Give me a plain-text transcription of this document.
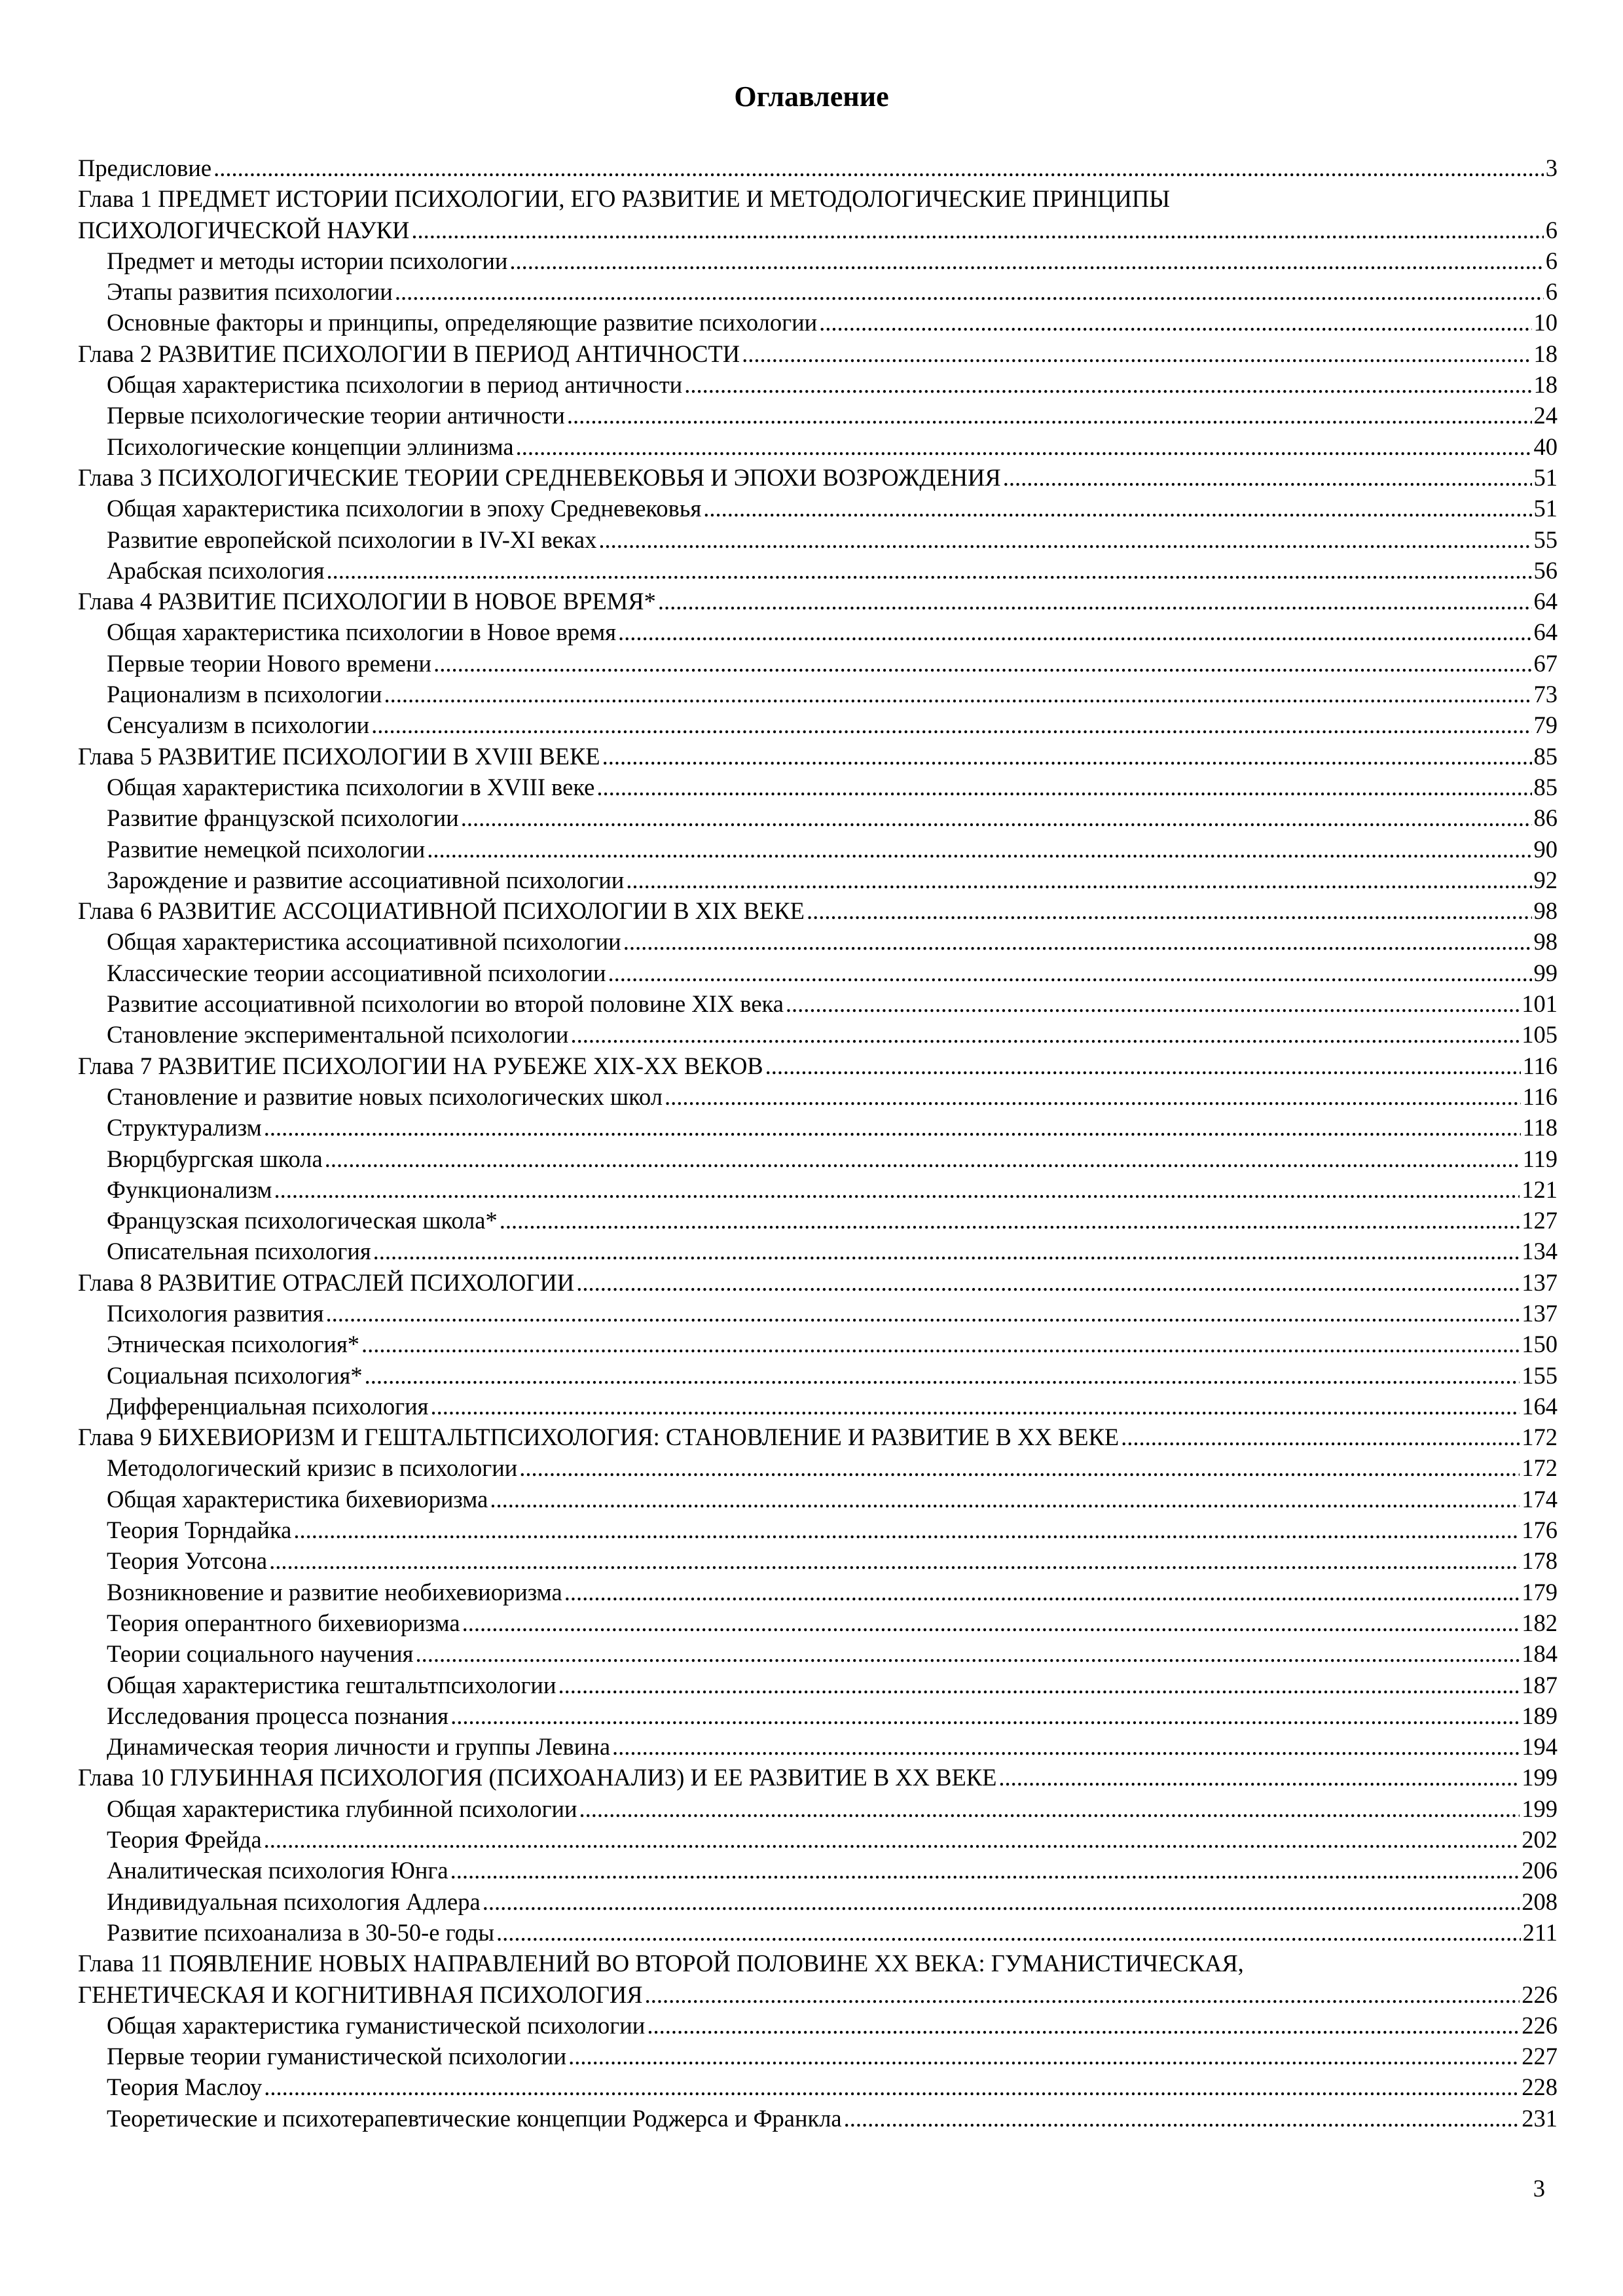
Оглавление
Предисловие .....	3
Глава 1 ПРЕДМЕТ ИСТОРИИ ПСИХОЛОГИИ, ЕГО РАЗВИТИЕ И МЕТОДОЛОГИЧЕСКИЕ ПРИНЦИПЫ
ПСИХОЛОГИЧЕСКОЙ НАУКИ .....	6
Предмет и методы истории психологии .....	6
Этапы развития психологии .....	6
Основные факторы и принципы, определяющие развитие психологии .....	10
Глава 2 РАЗВИТИЕ ПСИХОЛОГИИ В ПЕРИОД АНТИЧНОСТИ .....	18
Общая характеристика психологии в период античности .....	18
Первые психологические теории античности .....	24
Психологические концепции эллинизма .....	40
Глава 3 ПСИХОЛОГИЧЕСКИЕ ТЕОРИИ СРЕДНЕВЕКОВЬЯ И ЭПОХИ ВОЗРОЖДЕНИЯ .....	51
Общая характеристика психологии в эпоху Средневековья .....	51
Развитие европейской психологии в IV-XI веках .....	55
Арабская психология .....	56
Глава 4 РАЗВИТИЕ ПСИХОЛОГИИ В НОВОЕ ВРЕМЯ* .....	64
Общая характеристика психологии в Новое время .....	64
Первые теории Нового времени .....	67
Рационализм в психологии .....	73
Сенсуализм в психологии .....	79
Глава 5 РАЗВИТИЕ ПСИХОЛОГИИ В XVIII ВЕКЕ .....	85
Общая характеристика психологии в XVIII веке .....	85
Развитие французской психологии .....	86
Развитие немецкой психологии .....	90
Зарождение и развитие ассоциативной психологии .....	92
Глава 6 РАЗВИТИЕ АССОЦИАТИВНОЙ ПСИХОЛОГИИ В XIX ВЕКЕ .....	98
Общая характеристика ассоциативной психологии .....	98
Классические теории ассоциативной психологии .....	99
Развитие ассоциативной психологии во второй половине XIX века .....	101
Становление экспериментальной психологии .....	105
Глава 7 РАЗВИТИЕ ПСИХОЛОГИИ НА РУБЕЖЕ XIX-XX ВЕКОВ .....	116
Становление и развитие новых психологических школ .....	116
Структурализм .....	118
Вюрцбургская школа .....	119
Функционализм .....	121
Французская психологическая школа* .....	127
Описательная психология .....	134
Глава 8 РАЗВИТИЕ ОТРАСЛЕЙ ПСИХОЛОГИИ .....	137
Психология развития .....	137
Этническая психология* .....	150
Социальная психология* .....	155
Дифференциальная психология .....	164
Глава 9 БИХЕВИОРИЗМ И ГЕШТАЛЬТПСИХОЛОГИЯ: СТАНОВЛЕНИЕ И РАЗВИТИЕ В XX ВЕКЕ .....	172
Методологический кризис в психологии .....	172
Общая характеристика бихевиоризма .....	174
Теория Торндайка .....	176
Теория Уотсона .....	178
Возникновение и развитие необихевиоризма .....	179
Теория оперантного бихевиоризма .....	182
Теории социального научения .....	184
Общая характеристика гештальтпсихологии .....	187
Исследования процесса познания .....	189
Динамическая теория личности и группы Левина .....	194
Глава 10 ГЛУБИННАЯ ПСИХОЛОГИЯ (ПСИХОАНАЛИЗ) И ЕЕ РАЗВИТИЕ В XX ВЕКЕ .....	199
Общая характеристика глубинной психологии .....	199
Теория Фрейда .....	202
Аналитическая психология Юнга .....	206
Индивидуальная психология Адлера .....	208
Развитие психоанализа в 30-50-е годы .....	211
Глава 11 ПОЯВЛЕНИЕ НОВЫХ НАПРАВЛЕНИЙ ВО ВТОРОЙ ПОЛОВИНЕ XX ВЕКА: ГУМАНИСТИЧЕСКАЯ,
ГЕНЕТИЧЕСКАЯ И КОГНИТИВНАЯ ПСИХОЛОГИЯ .....	226
Общая характеристика гуманистической психологии .....	226
Первые теории гуманистической психологии .....	227
Теория Маслоу .....	228
Теоретические и психотерапевтические концепции Роджерса и Франкла .....	231
3
